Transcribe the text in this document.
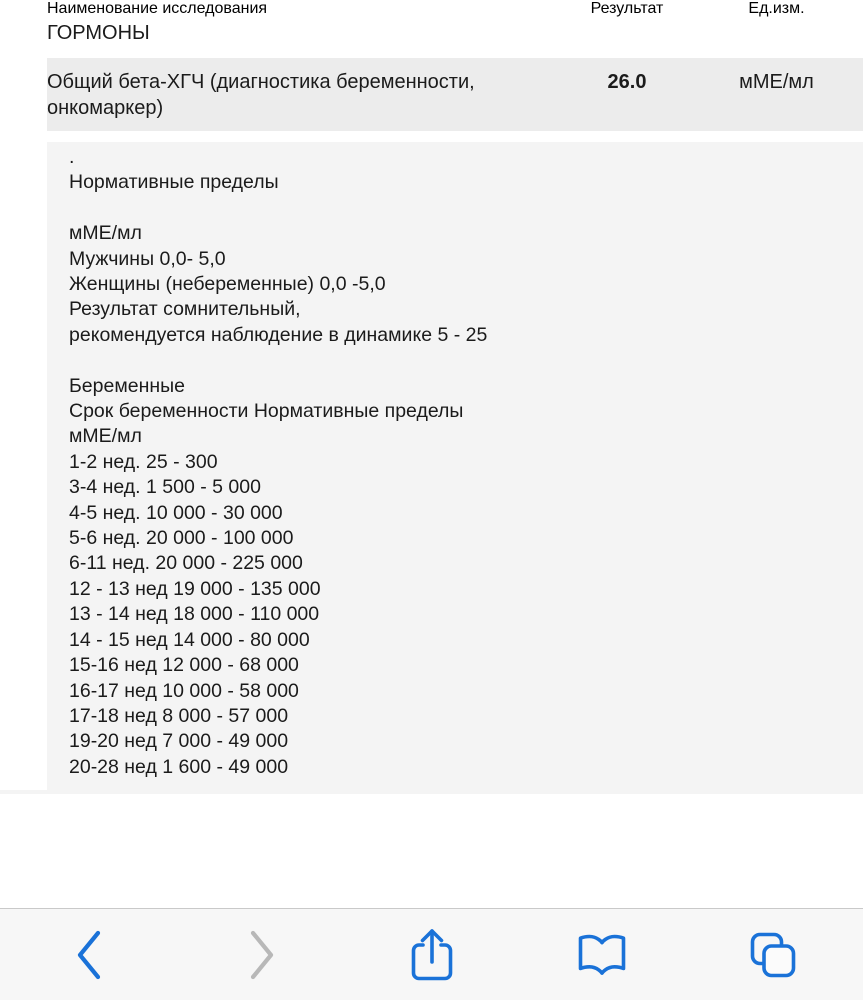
.
Нормативные пределы
мМЕ/мл
Мужчины 0,0- 5,0
Женщины (небеременные) 0,0 -5,0
Результат сомнительный,
рекомендуется наблюдение в динамике 5 - 25
Беременные
Срок беременности Нормативные пределы
мМЕ/мл
1-2 нед. 25 - 300
3-4 нед. 1 500 - 5 000
4-5 нед. 10 000 - 30 000
5-6 нед. 20 000 - 100 000
6-11 нед. 20 000 - 225 000
12 - 13 нед 19 000 - 135 000
13 - 14 нед 18 000 - 110 000
14 - 15 нед 14 000 - 80 000
15-16 нед 12 000 - 68 000
16-17 нед 10 000 - 58 000
17-18 нед 8 000 - 57 000
19-20 нед 7 000 - 49 000
20-28 нед 1 600 - 49 000
Наименование исследования	Результат	Ед.изм.
ГОРМОНЫ		
Общий бета-ХГЧ (диагностика беременности, онкомаркер)	26.0	мМЕ/мл
